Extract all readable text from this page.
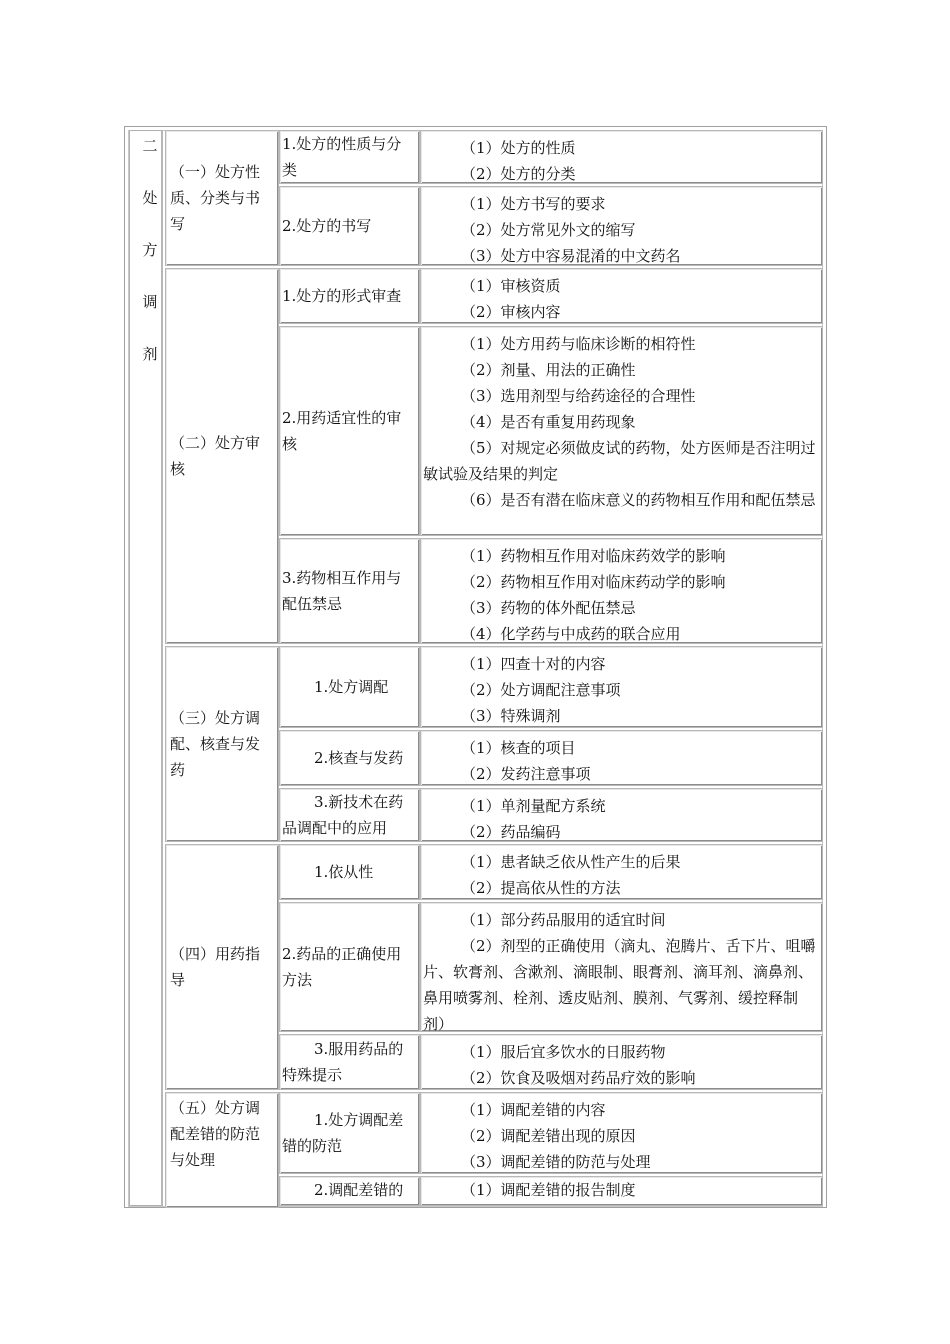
二
处
方
调
剂
（一）处方性质、分类与书写
1.处方的性质与分类
（1）处方的性质
（2）处方的分类
2.处方的书写
（1）处方书写的要求
（2）处方常见外文的缩写
（3）处方中容易混淆的中文药名
（二）处方审核
1.处方的形式审查
（1）审核资质
（2）审核内容
2.用药适宜性的审核
（1）处方用药与临床诊断的相符性
（2）剂量、用法的正确性
（3）选用剂型与给药途径的合理性
（4）是否有重复用药现象
（5）对规定必须做皮试的药物，处方医师是否注明过敏试验及结果的判定
（6）是否有潜在临床意义的药物相互作用和配伍禁忌
3.药物相互作用与配伍禁忌
（1）药物相互作用对临床药效学的影响
（2）药物相互作用对临床药动学的影响
（3）药物的体外配伍禁忌
（4）化学药与中成药的联合应用
（三）处方调配、核查与发药
1.处方调配
（1）四查十对的内容
（2）处方调配注意事项
（3）特殊调剂
2.核查与发药
（1）核查的项目
（2）发药注意事项
3.新技术在药品调配中的应用
（1）单剂量配方系统
（2）药品编码
（四）用药指导
1.依从性
（1）患者缺乏依从性产生的后果
（2）提高依从性的方法
2.药品的正确使用方法
（1）部分药品服用的适宜时间
（2）剂型的正确使用（滴丸、泡腾片、舌下片、咀嚼片、软膏剂、含漱剂、滴眼制、眼膏剂、滴耳剂、滴鼻剂、鼻用喷雾剂、栓剂、透皮贴剂、膜剂、气雾剂、缓控释制剂）
3.服用药品的特殊提示
（1）服后宜多饮水的日服药物
（2）饮食及吸烟对药品疗效的影响
（五）处方调配差错的防范与处理
1.处方调配差错的防范
（1）调配差错的内容
（2）调配差错出现的原因
（3）调配差错的防范与处理
2.调配差错的	（1）调配差错的报告制度
